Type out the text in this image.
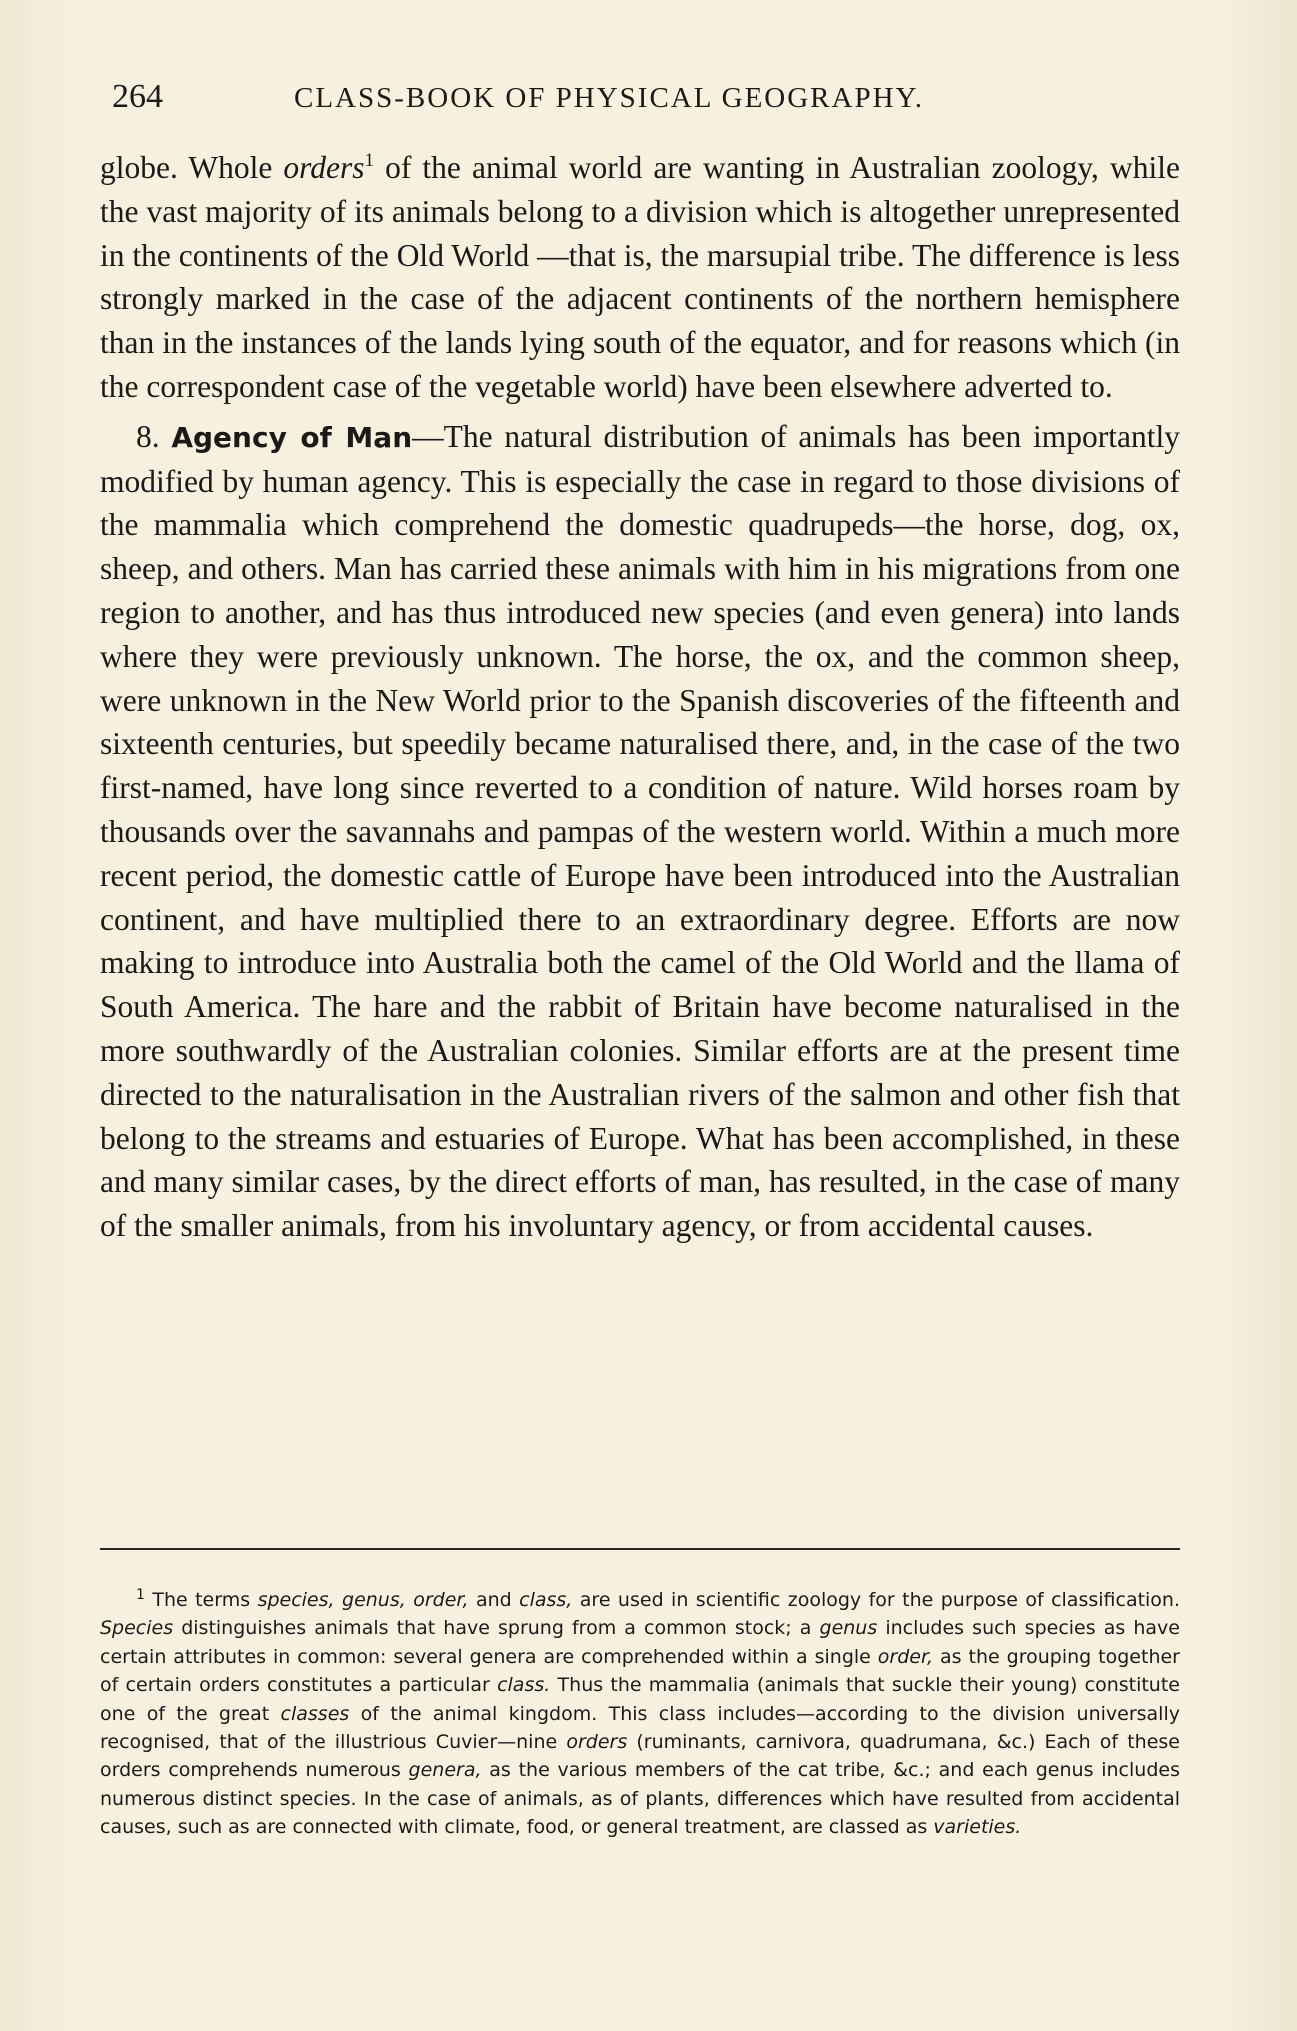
264	CLASS-BOOK OF PHYSICAL GEOGRAPHY.

globe. Whole orders$^1$ of the animal world are wanting in Australian zoology, while the vast majority of its animals belong to a division which is altogether unrepresented in the continents of the Old World —that is, the marsupial tribe. The difference is less strongly marked in the case of the adjacent continents of the northern hemisphere than in the instances of the lands lying south of the equator, and for reasons which (in the correspondent case of the vegetable world) have been elsewhere adverted to.

8. Agency of Man—The natural distribution of animals has been importantly modified by human agency. This is especially the case in regard to those divisions of the mammalia which comprehend the domestic quadrupeds—the horse, dog, ox, sheep, and others. Man has carried these animals with him in his migrations from one region to another, and has thus introduced new species (and even genera) into lands where they were previously unknown. The horse, the ox, and the common sheep, were unknown in the New World prior to the Spanish discoveries of the fifteenth and sixteenth centuries, but speedily became naturalised there, and, in the case of the two first-named, have long since reverted to a condition of nature. Wild horses roam by thousands over the savannahs and pampas of the western world. Within a much more recent period, the domestic cattle of Europe have been introduced into the Australian continent, and have multiplied there to an extraordinary degree. Efforts are now making to introduce into Australia both the camel of the Old World and the llama of South America. The hare and the rabbit of Britain have become naturalised in the more southwardly of the Australian colonies. Similar efforts are at the present time directed to the naturalisation in the Australian rivers of the salmon and other fish that belong to the streams and estuaries of Europe. What has been accomplished, in these and many similar cases, by the direct efforts of man, has resulted, in the case of many of the smaller animals, from his involuntary agency, or from accidental causes.

$^1$ The terms species, genus, order, and class, are used in scientific zoology for the purpose of classification. Species distinguishes animals that have sprung from a common stock; a genus includes such species as have certain attributes in common: several genera are comprehended within a single order, as the grouping together of certain orders constitutes a particular class. Thus the mammalia (animals that suckle their young) constitute one of the great classes of the animal kingdom. This class includes—according to the division universally recognised, that of the illustrious Cuvier—nine orders (ruminants, carnivora, quadrumana, &c.) Each of these orders comprehends numerous genera, as the various members of the cat tribe, &c.; and each genus includes numerous distinct species. In the case of animals, as of plants, differences which have resulted from accidental causes, such as are connected with climate, food, or general treatment, are classed as varieties.
